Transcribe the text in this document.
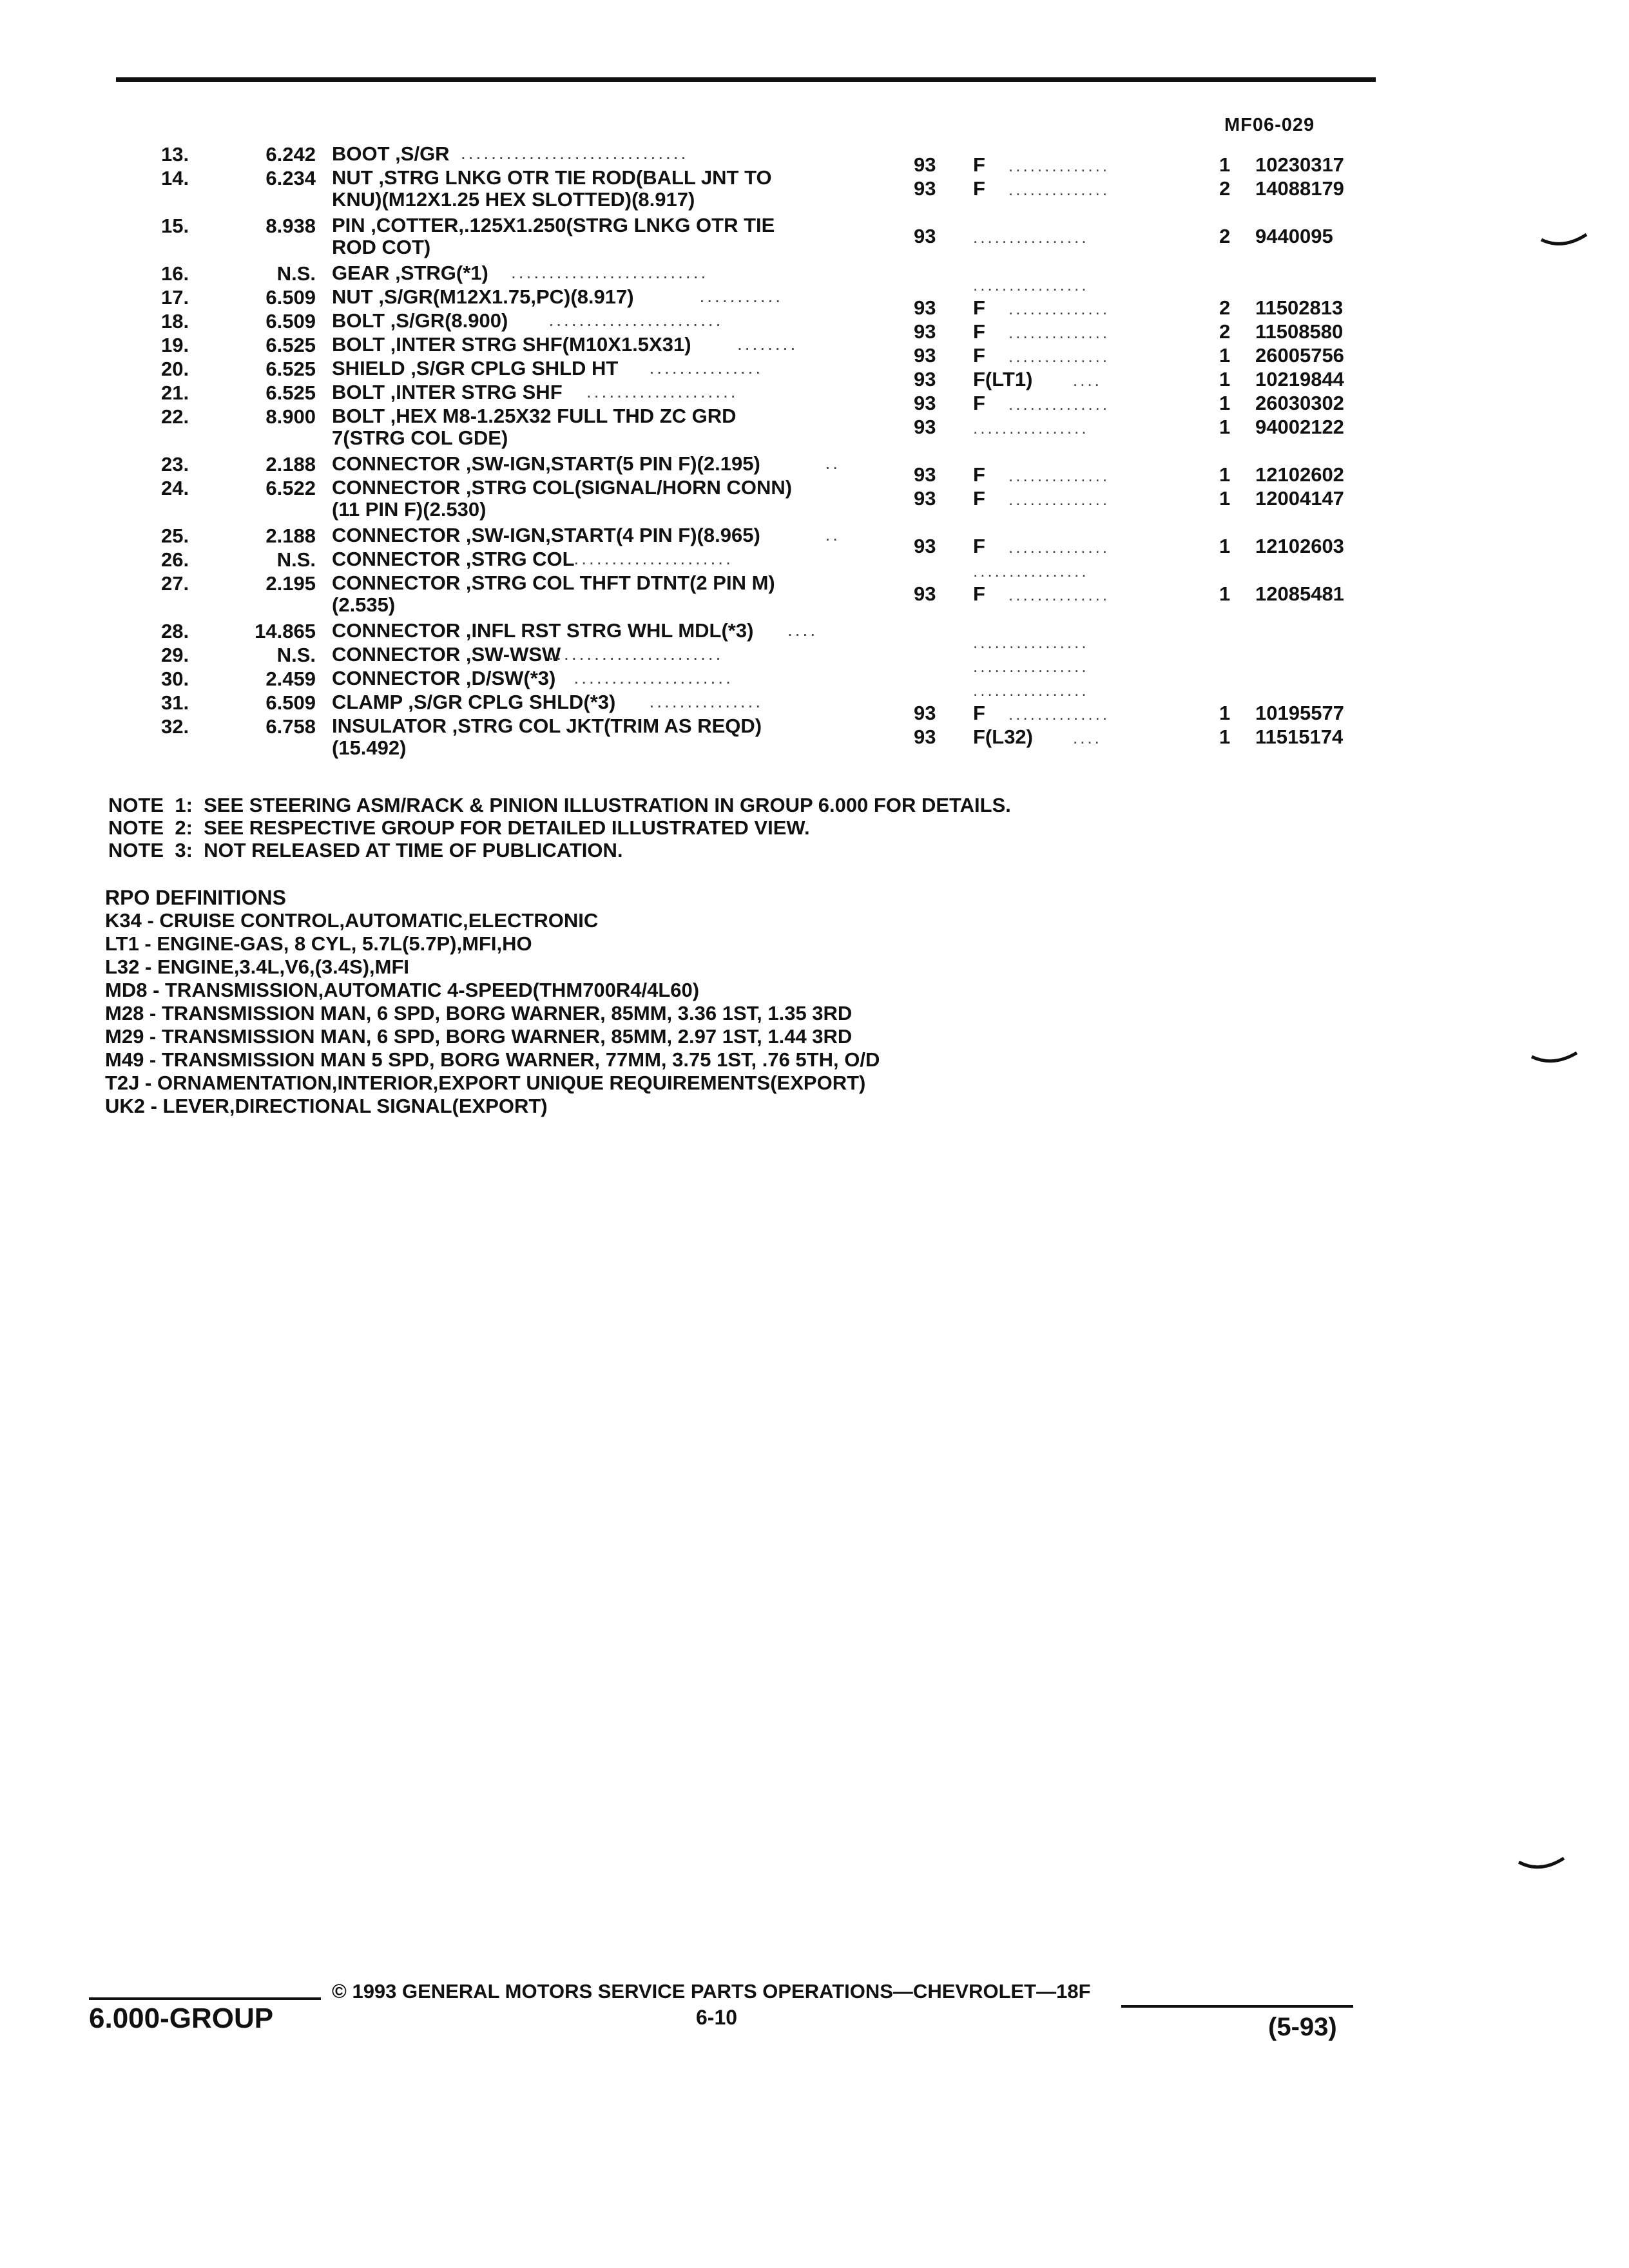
MF06-029
13.	6.242 BOOT ,S/GR	93 F	1 10230317
..............................
..............
14.	6.234 NUT ,STRG LNKG OTR TIE ROD(BALL JNT TO
KNU)(M12X1.25 HEX SLOTTED)(8.917)	93 F	2 14088179
..............
15.	8.938 PIN ,COTTER,.125X1.250(STRG LNKG OTR TIE
ROD COT)	93	2 9440095
................
16.	N.S. GEAR ,STRG(*1) ..........................
................
17.	6.509 NUT ,S/GR(M12X1.75,PC)(8.917)	93 F	2 11502813
...........
..............
18.	6.509 BOLT ,S/GR(8.900)	93 F	2 11508580
.......................
..............
19.	6.525 BOLT ,INTER STRG SHF(M10X1.5X31)	93 F	1 26005756
........
..............
20.	6.525 SHIELD ,S/GR CPLG SHLD HT	93 F(LT1)	1 10219844
...............
....
21.	6.525 BOLT ,INTER STRG SHF	93 F	1 26030302
....................
..............
22.	8.900 BOLT ,HEX M8-1.25X32 FULL THD ZC GRD
7(STRG COL GDE)	93	1 94002122
................
23.	2.188 CONNECTOR ,SW-IGN,START(5 PIN F)(2.195)	93 F	1 12102602
..
..............
24.	6.522 CONNECTOR ,STRG COL(SIGNAL/HORN CONN)
(11 PIN F)(2.530)	93 F	1 12004147
..............
25.	2.188 CONNECTOR ,SW-IGN,START(4 PIN F)(8.965)	93 F	1 12102603
..
..............
26.	N.S. CONNECTOR ,STRG COL
.....................
................
27.	2.195 CONNECTOR ,STRG COL THFT DTNT(2 PIN M)
(2.535)	93 F	1 12085481
..............
28.	14.865 CONNECTOR ,INFL RST STRG WHL MDL(*3) ....
................
29.	N.S. CONNECTOR ,SW-WSW
.......................
................
30.	2.459 CONNECTOR ,D/SW(*3) .....................
................
31.	6.509 CLAMP ,S/GR CPLG SHLD(*3)	93 F	1 10195577
...............
..............
32.	6.758 INSULATOR ,STRG COL JKT(TRIM AS REQD)
(15.492)	93 F(L32)	1 11515174
....
NOTE  1:  SEE STEERING ASM/RACK & PINION ILLUSTRATION IN GROUP 6.000 FOR DETAILS.
NOTE  2:  SEE RESPECTIVE GROUP FOR DETAILED ILLUSTRATED VIEW.
NOTE  3:  NOT RELEASED AT TIME OF PUBLICATION.
RPO DEFINITIONS
K34 - CRUISE CONTROL,AUTOMATIC,ELECTRONIC
LT1 - ENGINE-GAS, 8 CYL, 5.7L(5.7P),MFI,HO
L32 - ENGINE,3.4L,V6,(3.4S),MFI
MD8 - TRANSMISSION,AUTOMATIC 4-SPEED(THM700R4/4L60)
M28 - TRANSMISSION MAN, 6 SPD, BORG WARNER, 85MM, 3.36 1ST, 1.35 3RD
M29 - TRANSMISSION MAN, 6 SPD, BORG WARNER, 85MM, 2.97 1ST, 1.44 3RD
M49 - TRANSMISSION MAN 5 SPD, BORG WARNER, 77MM, 3.75 1ST, .76 5TH, O/D
T2J - ORNAMENTATION,INTERIOR,EXPORT UNIQUE REQUIREMENTS(EXPORT)
UK2 - LEVER,DIRECTIONAL SIGNAL(EXPORT)
6.000-GROUP
© 1993 GENERAL MOTORS SERVICE PARTS OPERATIONS—CHEVROLET—18F
6-10	(5-93)
